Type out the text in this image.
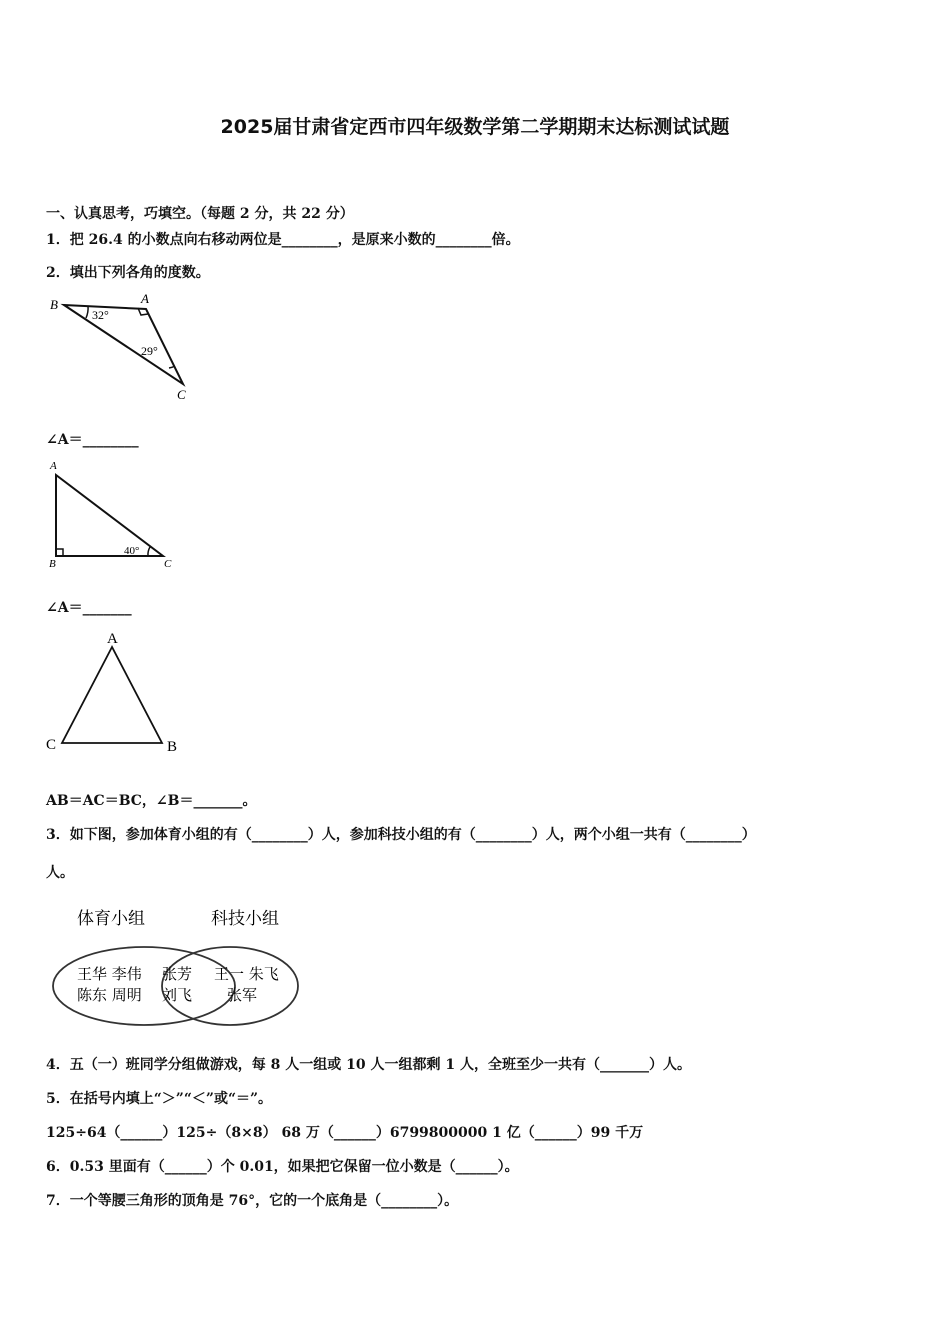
2025届甘肃省定西市四年级数学第二学期期末达标测试试题
一、认真思考，巧填空。（每题 2 分，共 22 分）
1．把 26.4 的小数点向右移动两位是________，是原来小数的________倍。
2．填出下列各角的度数。
B	A
C
32°
29°
∠A＝________
A
B	C
40°
∠A＝_______
A
C	B
AB＝AC＝BC，∠B＝_______。
3．如下图，参加体育小组的有（________）人，参加科技小组的有（________）人，两个小组一共有（________）
人。
体育小组	科技小组
王华 李伟
陈东 周明
张芳
刘飞
王一 朱飞
张军
4．五（一）班同学分组做游戏，每 8 人一组或 10 人一组都剩 1 人，全班至少一共有（_______）人。
5．在括号内填上“＞”“＜”或“＝”。
125÷64（______）125÷（8×8） 68 万（______）6799800000 1 亿（______）99 千万
6．0.53 里面有（______）个 0.01，如果把它保留一位小数是（______）。
7．一个等腰三角形的顶角是 76°，它的一个底角是（________）。
